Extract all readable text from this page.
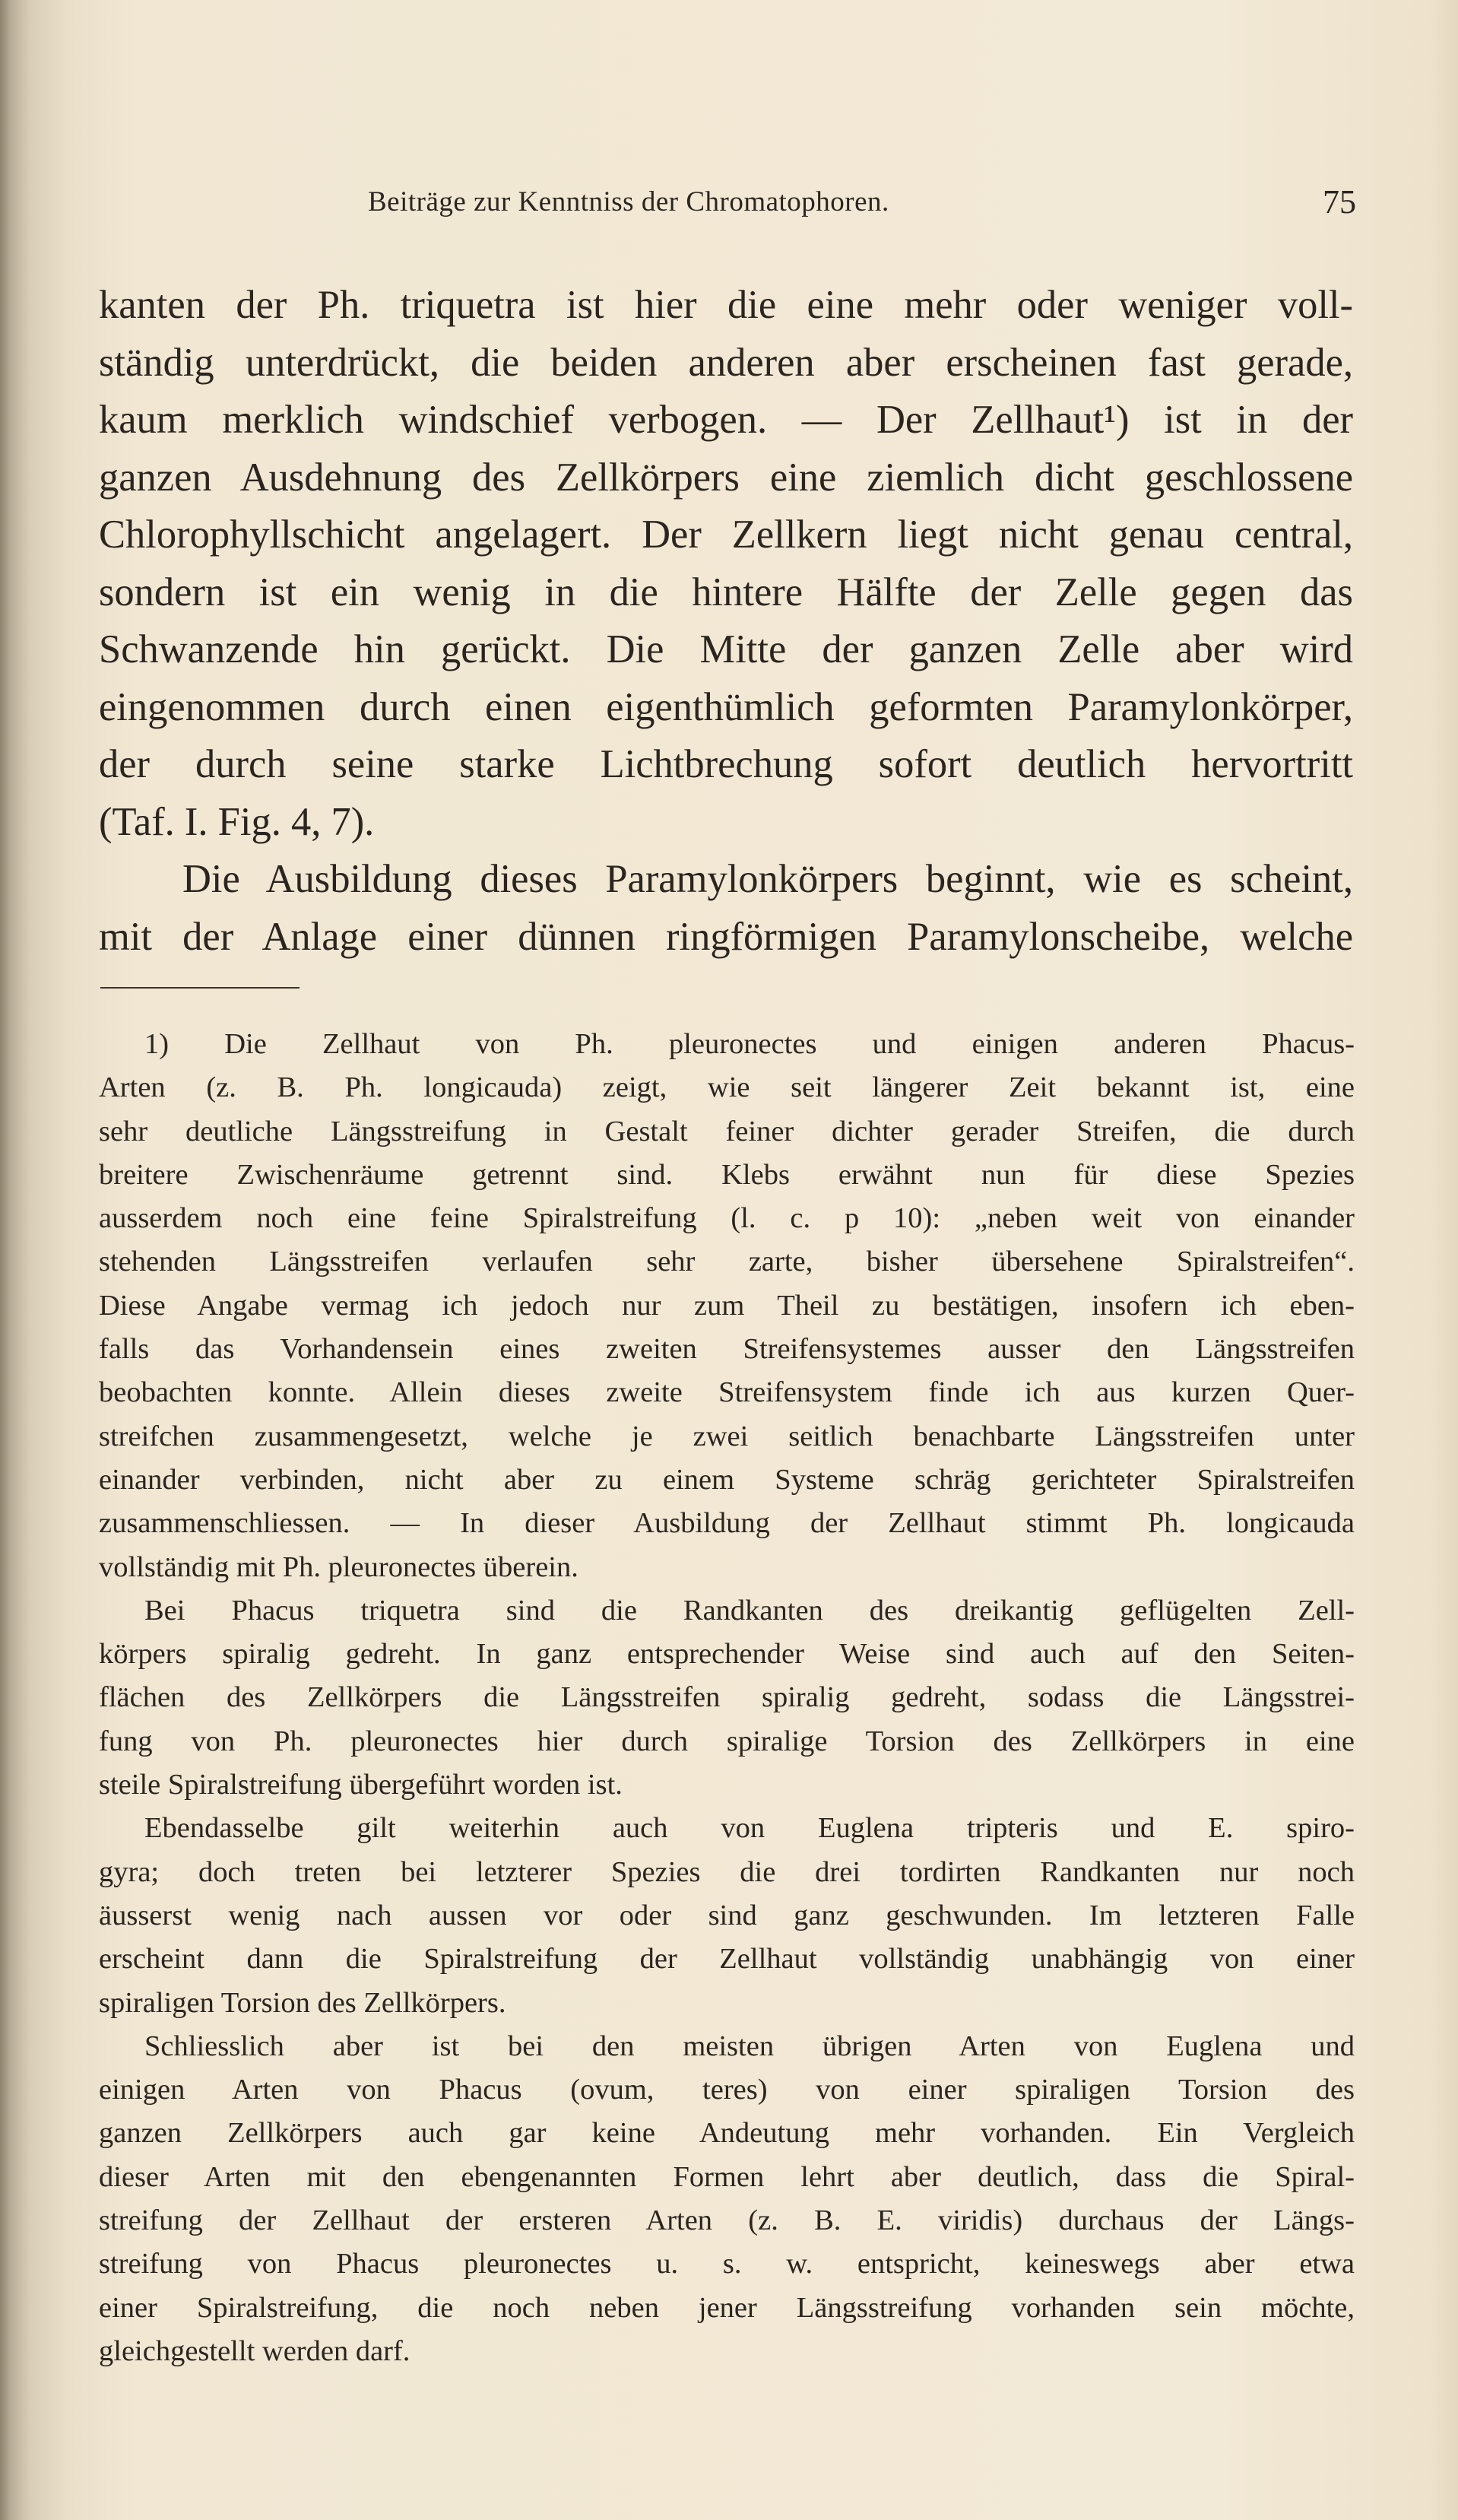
Beiträge zur Kenntniss der Chromatophoren.	75
kanten der Ph. triquetra ist hier die eine mehr oder weniger voll-
ständig unterdrückt, die beiden anderen aber erscheinen fast gerade,
kaum merklich windschief verbogen. — Der Zellhaut¹) ist in der
ganzen Ausdehnung des Zellkörpers eine ziemlich dicht geschlossene
Chlorophyllschicht angelagert. Der Zellkern liegt nicht genau central,
sondern ist ein wenig in die hintere Hälfte der Zelle gegen das
Schwanzende hin gerückt. Die Mitte der ganzen Zelle aber wird
eingenommen durch einen eigenthümlich geformten Paramylonkörper,
der durch seine starke Lichtbrechung sofort deutlich hervortritt
(Taf. I. Fig. 4, 7).
Die Ausbildung dieses Paramylonkörpers beginnt, wie es scheint,
mit der Anlage einer dünnen ringförmigen Paramylonscheibe, welche
1) Die Zellhaut von Ph. pleuronectes und einigen anderen Phacus-
Arten (z. B. Ph. longicauda) zeigt, wie seit längerer Zeit bekannt ist, eine
sehr deutliche Längsstreifung in Gestalt feiner dichter gerader Streifen, die durch
breitere Zwischenräume getrennt sind. Klebs erwähnt nun für diese Spezies
ausserdem noch eine feine Spiralstreifung (l. c. p 10): „neben weit von einander
stehenden Längsstreifen verlaufen sehr zarte, bisher übersehene Spiralstreifen“.
Diese Angabe vermag ich jedoch nur zum Theil zu bestätigen, insofern ich eben-
falls das Vorhandensein eines zweiten Streifensystemes ausser den Längsstreifen
beobachten konnte. Allein dieses zweite Streifensystem finde ich aus kurzen Quer-
streifchen zusammengesetzt, welche je zwei seitlich benachbarte Längsstreifen unter
einander verbinden, nicht aber zu einem Systeme schräg gerichteter Spiralstreifen
zusammenschliessen. — In dieser Ausbildung der Zellhaut stimmt Ph. longicauda
vollständig mit Ph. pleuronectes überein.
Bei Phacus triquetra sind die Randkanten des dreikantig geflügelten Zell-
körpers spiralig gedreht. In ganz entsprechender Weise sind auch auf den Seiten-
flächen des Zellkörpers die Längsstreifen spiralig gedreht, sodass die Längsstrei-
fung von Ph. pleuronectes hier durch spiralige Torsion des Zellkörpers in eine
steile Spiralstreifung übergeführt worden ist.
Ebendasselbe gilt weiterhin auch von Euglena tripteris und E. spiro-
gyra; doch treten bei letzterer Spezies die drei tordirten Randkanten nur noch
äusserst wenig nach aussen vor oder sind ganz geschwunden. Im letzteren Falle
erscheint dann die Spiralstreifung der Zellhaut vollständig unabhängig von einer
spiraligen Torsion des Zellkörpers.
Schliesslich aber ist bei den meisten übrigen Arten von Euglena und
einigen Arten von Phacus (ovum, teres) von einer spiraligen Torsion des
ganzen Zellkörpers auch gar keine Andeutung mehr vorhanden. Ein Vergleich
dieser Arten mit den ebengenannten Formen lehrt aber deutlich, dass die Spiral-
streifung der Zellhaut der ersteren Arten (z. B. E. viridis) durchaus der Längs-
streifung von Phacus pleuronectes u. s. w. entspricht, keineswegs aber etwa
einer Spiralstreifung, die noch neben jener Längsstreifung vorhanden sein möchte,
gleichgestellt werden darf.
